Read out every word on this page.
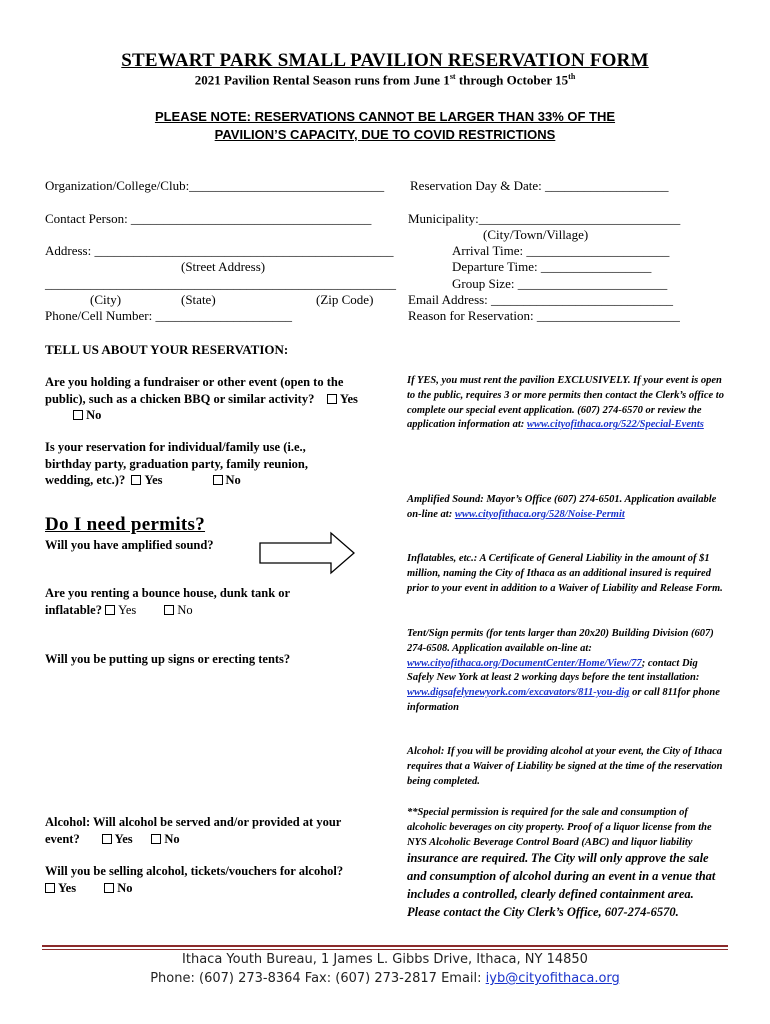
STEWART PARK SMALL PAVILION RESERVATION FORM
2021 Pavilion Rental Season runs from June 1st through October 15th
PLEASE NOTE: RESERVATIONS CANNOT BE LARGER THAN 33% OF THE
PAVILION’S CAPACITY, DUE TO COVID RESTRICTIONS
Organization/College/Club:______________________________ Reservation Day & Date: ___________________
Contact Person: _____________________________________	Municipality:_______________________________
(City/Town/Village)
Address: ______________________________________________	Arrival Time: ______________________
(Street Address)	Departure Time: _________________
______________________________________________________	Group Size: _______________________
(City)	(State)	(Zip Code)	Email Address: ____________________________
Phone/Cell Number: _____________________	Reason for Reservation: ______________________
TELL US ABOUT YOUR RESERVATION:
Are you holding a fundraiser or other event (open to the public), such as a chicken BBQ or similar activity? Yes          No
Is your reservation for individual/family use (i.e., birthday party, graduation party, family reunion, wedding, etc.)? Yes	No
If YES, you must rent the pavilion EXCLUSIVELY. If your event is open to the public, requires 3 or more permits then contact the Clerk’s office to complete our special event application. (607) 274-6570 or review the application information at: www.cityofithaca.org/522/Special-Events
Do I need permits?
Will you have amplified sound?
Amplified Sound: Mayor’s Office (607) 274-6501. Application available on-line at: www.cityofithaca.org/528/Noise-Permit
Inflatables, etc.: A Certificate of General Liability in the amount of $1 million, naming the City of Ithaca as an additional insured is required prior to your event in addition to a Waiver of Liability and Release Form.
Are you renting a bounce house, dunk tank or inflatable? Yes	No
Tent/Sign permits (for tents larger than 20x20) Building Division (607) 274-6508. Application available on-line at: www.cityofithaca.org/DocumentCenter/Home/View/77; contact Dig Safely New York at least 2 working days before the tent installation: www.digsafelynewyork.com/excavators/811-you-dig or call 811for phone information
Will you be putting up signs or erecting tents?
Alcohol: If you will be providing alcohol at your event, the City of Ithaca requires that a Waiver of Liability be signed at the time of the reservation being completed.
**Special permission is required for the sale and consumption of alcoholic beverages on city property. Proof of a liquor license from the NYS Alcoholic Beverage Control Board (ABC) and liquor liability insurance are required. The City will only approve the sale and consumption of alcohol during an event in a venue that includes a controlled, clearly defined containment area. Please contact the City Clerk’s Office, 607-274-6570.
Alcohol: Will alcohol be served and/or provided at your event?	Yes	No
Will you be selling alcohol, tickets/vouchers for alcohol? Yes	No
Ithaca Youth Bureau, 1 James L. Gibbs Drive, Ithaca, NY 14850
Phone: (607) 273-8364 Fax: (607) 273-2817 Email: iyb@cityofithaca.org
